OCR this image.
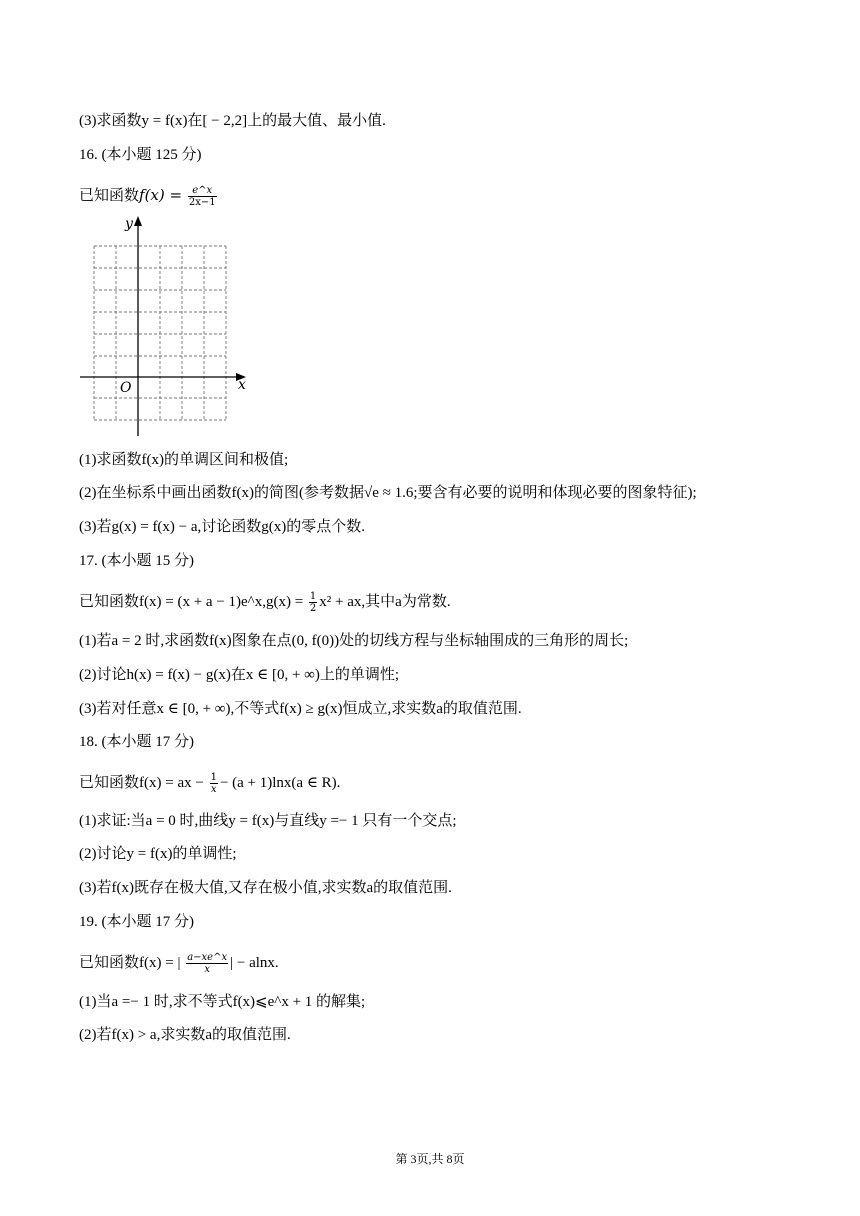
(3)求函数y = f(x)在[ − 2,2]上的最大值、最小值.
16. (本小题 125 分)
已知函数$f(x) = \frac{e\^{}x}{2x-1}$
x
y
O
(1)求函数f(x)的单调区间和极值;
(2)在坐标系中画出函数f(x)的简图(参考数据√e ≈ 1.6;要含有必要的说明和体现必要的图象特征);
(3)若g(x) = f(x) − a,讨论函数g(x)的零点个数.
17. (本小题 15 分)
已知函数f(x) = (x + a − 1)e^x,g(x) = $\frac{1}{2} x^2$ + ax,其中a为常数.
(1)若a = 2 时,求函数f(x)图象在点(0, f(0))处的切线方程与坐标轴围成的三角形的周长;
(2)讨论h(x) = f(x) − g(x)在x ∈ [0, + ∞)上的单调性;
(3)若对任意x ∈ [0, + ∞),不等式f(x) ≥ g(x)恒成立,求实数a的取值范围.
18. (本小题 17 分)
已知函数f(x) = ax − $\frac{1}{x} - (a + 1)\ln x(a$ ∈ R).
(1)求证:当a = 0 时,曲线y = f(x)与直线y =− 1 只有一个交点;
(2)讨论y = f(x)的单调性;
(3)若f(x)既存在极大值,又存在极小值,求实数a的取值范围.
19. (本小题 17 分)
已知函数f(x) = | $\frac{a-xe\^{}x}{x}$ | − alnx.
(1)当a =− 1 时,求不等式f(x)⩽e^x + 1 的解集;
(2)若f(x) > a,求实数a的取值范围.
第 3页,共 8页
